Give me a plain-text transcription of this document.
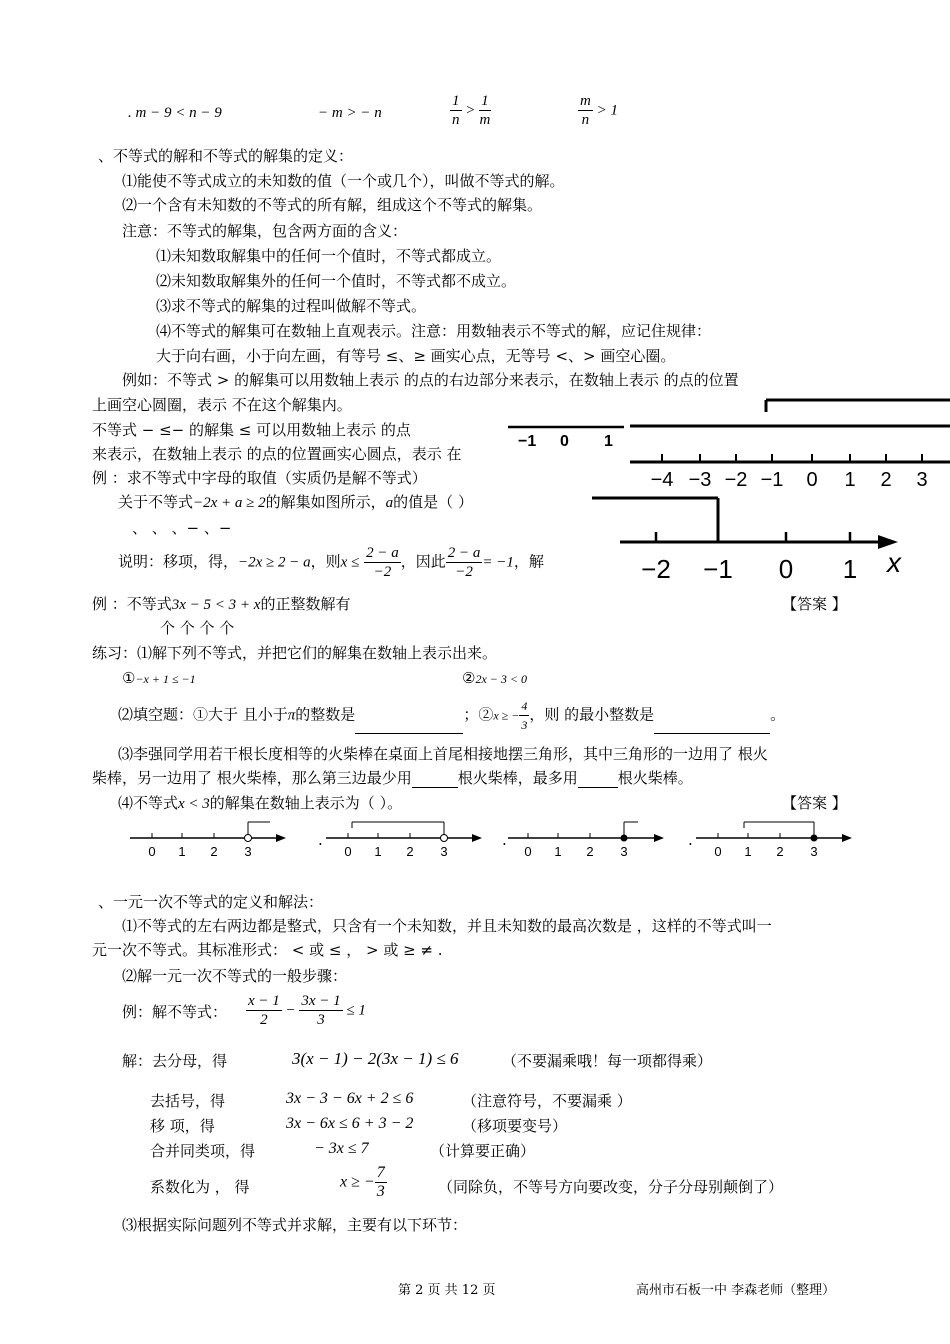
. m − 9 < n − 9	− m > − n	$\frac{1}{n} > \frac{1}{m}$	$\frac{m}{n} > 1$
、不等式的解和不等式的解集的定义：
⑴能使不等式成立的未知数的值（一个或几个），叫做不等式的解。
⑵一个含有未知数的不等式的所有解，组成这个不等式的解集。
注意：不等式的解集，包含两方面的含义：
⑴未知数取解集中的任何一个值时，不等式都成立。
⑵未知数取解集外的任何一个值时，不等式都不成立。
⑶求不等式的解集的过程叫做解不等式。
⑷不等式的解集可在数轴上直观表示。注意：用数轴表示不等式的解，应记住规律：
大于向右画，小于向左画，有等号 ≤、≥ 画实心点，无等号 <、> 画空心圈。
例如：不等式 > 的解集可以用数轴上表示 的点的右边部分来表示，在数轴上表示 的点的位置
上画空心圆圈，表示 不在这个解集内。
不等式 − ≤− 的解集 ≤ 可以用数轴上表示 的点
来表示，在数轴上表示 的点的位置画实心圆点，表示 在
例 ：求不等式中字母的取值（实质仍是解不等式）
关于不等式−2x + a ≥ 2的解集如图所示，a的值是（ ）
、 、 、− 、−
说明：移项，得，−2x ≥ 2 − a，则$x \le \frac{2 - a}{-2}$ ，因此 $\frac{2 - a}{-2} = -1$，解
例 ：不等式3x − 5 < 3 + x的正整数解有	【答案 】
个 个 个 个
练习：⑴解下列不等式，并把它们的解集在数轴上表示出来。
①−x + 1 ≤ −1	②2x − 3 < 0
⑵填空题：①大于 且小于π的整数是	；②x ≥ − $\frac{4}{3}$ ，则 的最小整数是	。
⑶李强同学用若干根长度相等的火柴棒在桌面上首尾相接地摆三角形，其中三角形的一边用了 根火
柴棒，另一边用了 根火柴棒，那么第三边最少用	根火柴棒，最多用	根火柴棒。
⑷不等式x < 3的解集在数轴上表示为（ ）。	【答案 】
0 1 2 3
.
0 1 2 3
.
0 1 2 3
.
0 1 2 3
−1 0 1
−4 −3 −2 −1 0 1 2 3
−2 −1 0 1 x
、一元一次不等式的定义和解法：
⑴不等式的左右两边都是整式，只含有一个未知数，并且未知数的最高次数是 ，这样的不等式叫一
元一次不等式。其标准形式： < 或 ≤ ， > 或 ≥ ≠ .
⑵解一元一次不等式的一般步骤：
例：解不等式： $\frac{x - 1}{2} - \frac{3x - 1}{3} \le 1$
解：去分母，得	3(x − 1) − 2(3x − 1) ≤ 6	（不要漏乘哦！每一项都得乘）
去括号，得	3x − 3 − 6x + 2 ≤ 6	（注意符号，不要漏乘 ）
移 项，得	3x − 6x ≤ 6 + 3 − 2	（移项要变号）
合并同类项，得	− 3x ≤ 7	（计算要正确）
系数化为 ， 得	x ≥ − $\frac{7}{3}$	（同除负，不等号方向要改变，分子分母别颠倒了）
⑶根据实际问题列不等式并求解，主要有以下环节：
第 2 页 共 12 页	高州市石板一中 李森老师（整理）
